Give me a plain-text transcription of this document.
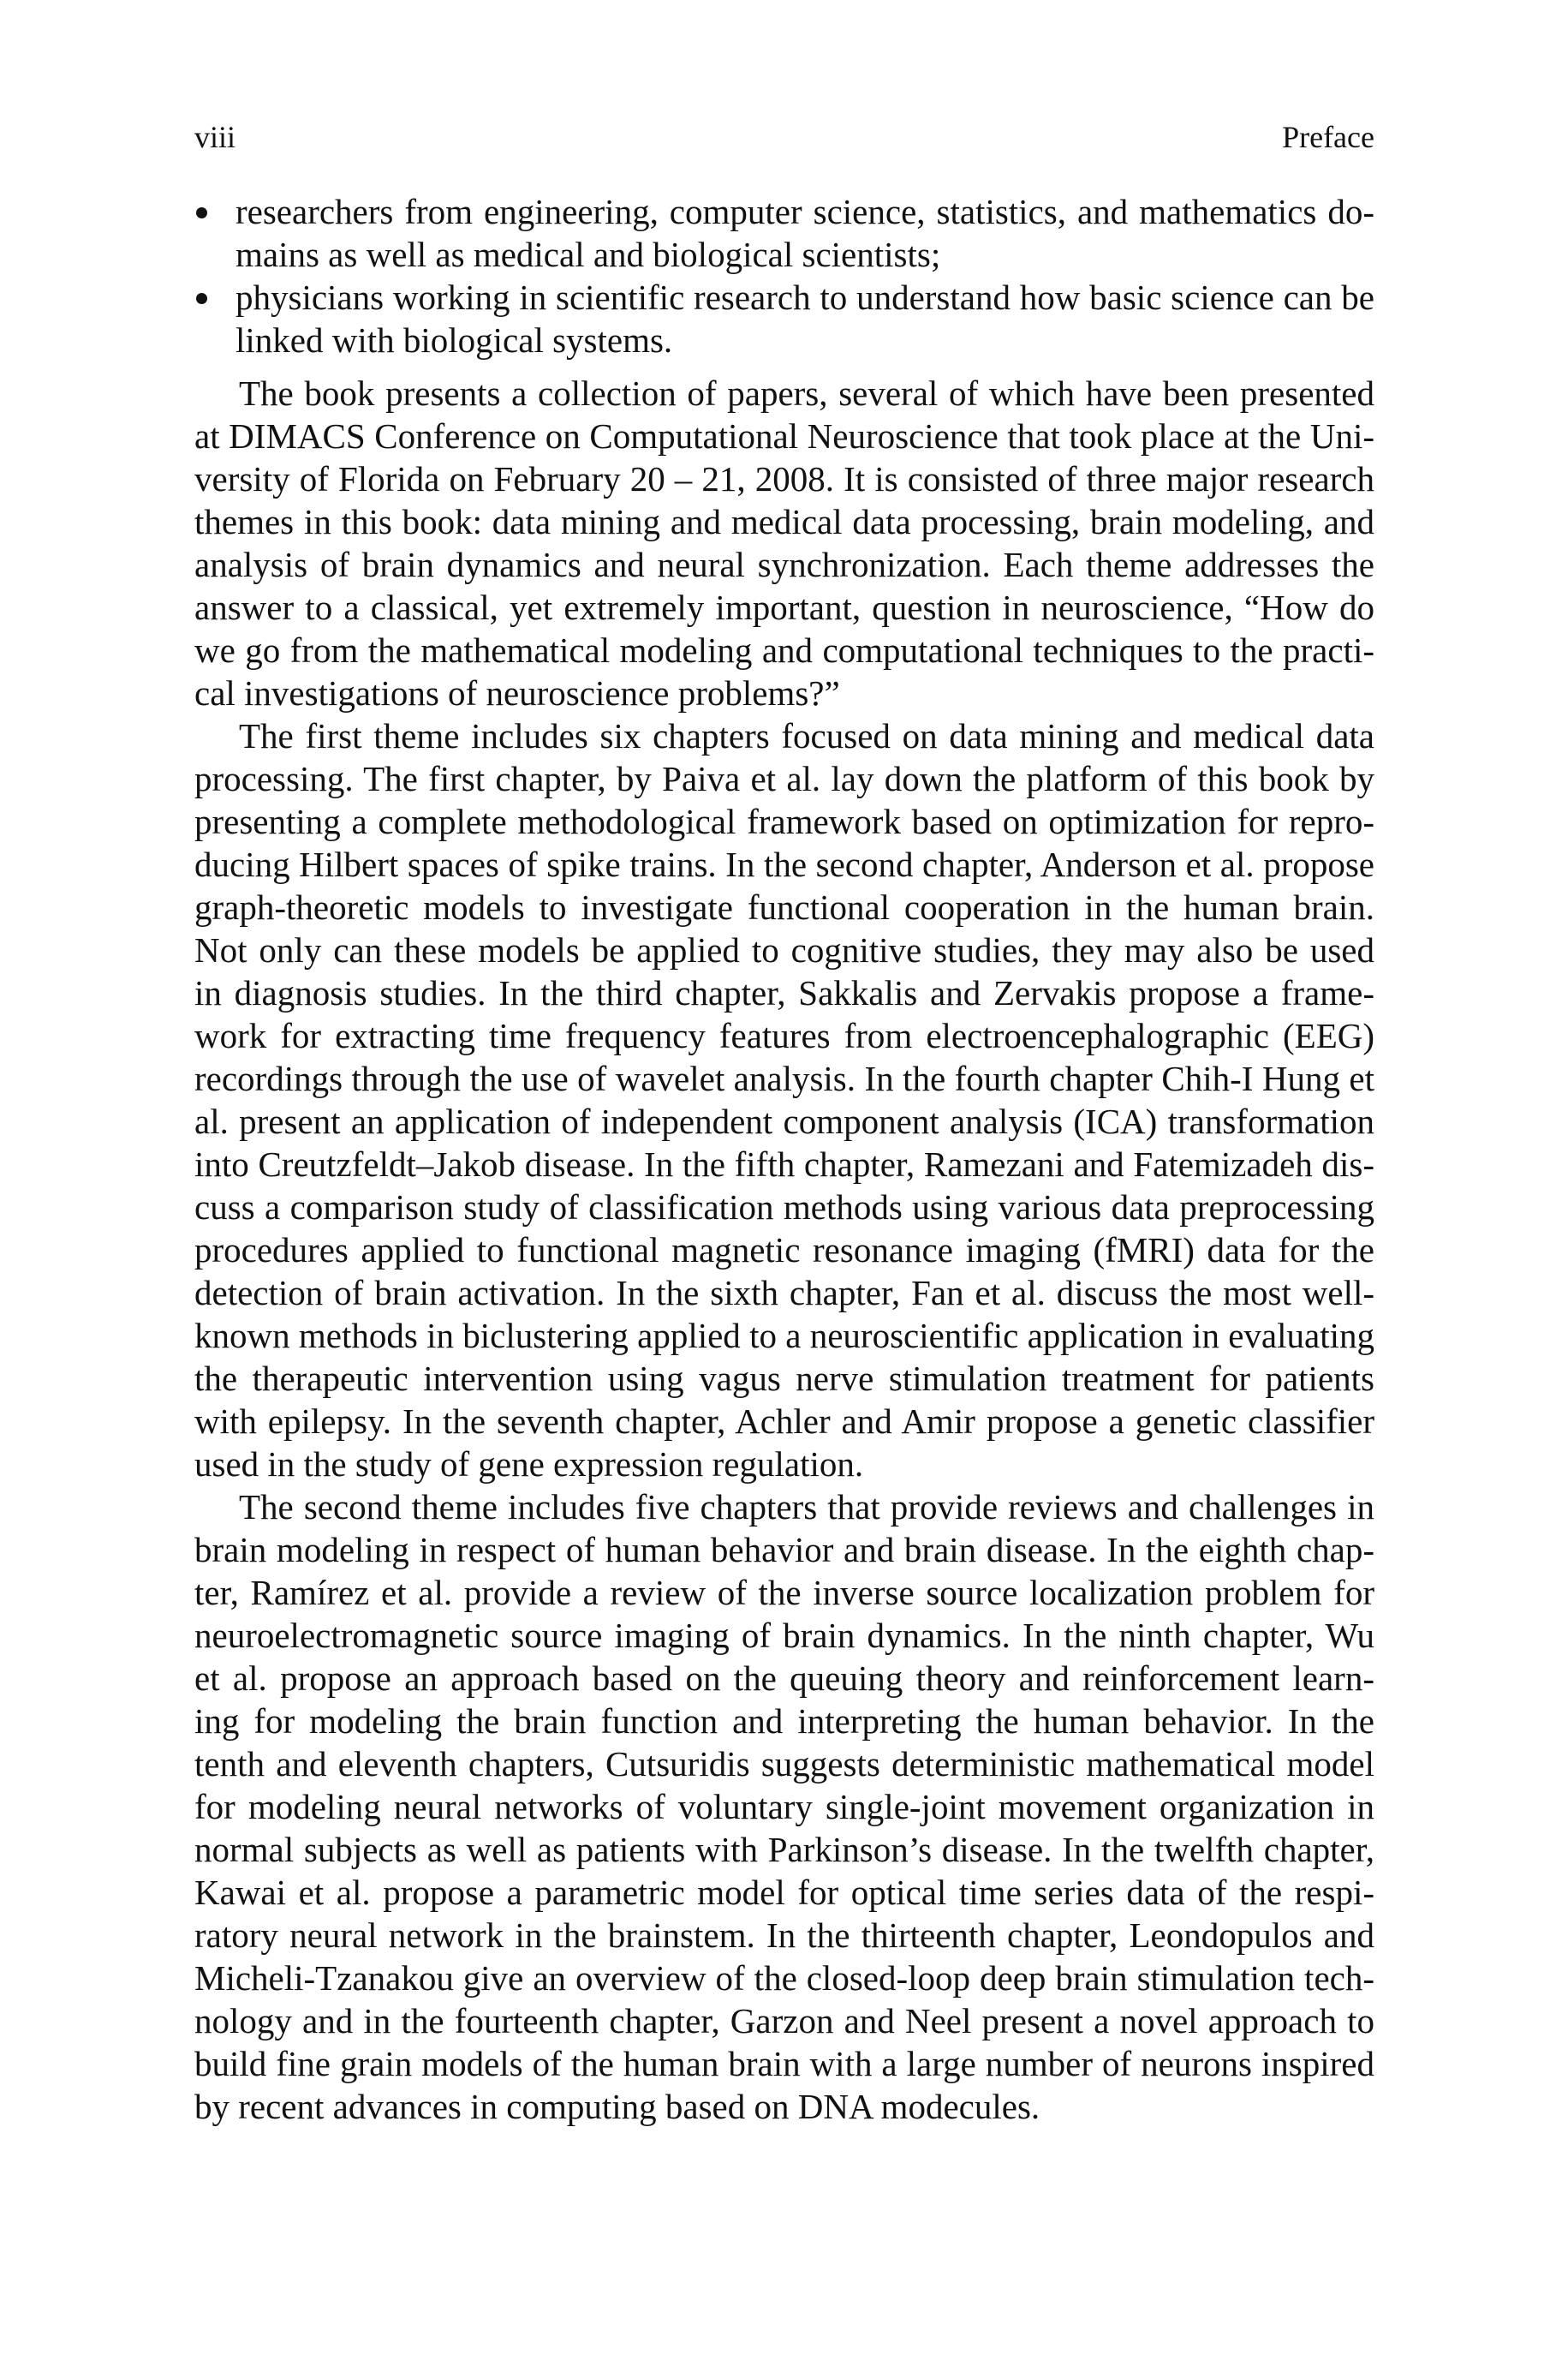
viii	Preface
researchers from engineering, computer science, statistics, and mathematics do-
mains as well as medical and biological scientists;
physicians working in scientific research to understand how basic science can be
linked with biological systems.
The book presents a collection of papers, several of which have been presented
at DIMACS Conference on Computational Neuroscience that took place at the Uni-
versity of Florida on February 20 – 21, 2008. It is consisted of three major research
themes in this book: data mining and medical data processing, brain modeling, and
analysis of brain dynamics and neural synchronization. Each theme addresses the
answer to a classical, yet extremely important, question in neuroscience, “How do
we go from the mathematical modeling and computational techniques to the practi-
cal investigations of neuroscience problems?”
The first theme includes six chapters focused on data mining and medical data
processing. The first chapter, by Paiva et al. lay down the platform of this book by
presenting a complete methodological framework based on optimization for repro-
ducing Hilbert spaces of spike trains. In the second chapter, Anderson et al. propose
graph-theoretic models to investigate functional cooperation in the human brain.
Not only can these models be applied to cognitive studies, they may also be used
in diagnosis studies. In the third chapter, Sakkalis and Zervakis propose a frame-
work for extracting time frequency features from electroencephalographic (EEG)
recordings through the use of wavelet analysis. In the fourth chapter Chih-I Hung et
al. present an application of independent component analysis (ICA) transformation
into Creutzfeldt–Jakob disease. In the fifth chapter, Ramezani and Fatemizadeh dis-
cuss a comparison study of classification methods using various data preprocessing
procedures applied to functional magnetic resonance imaging (fMRI) data for the
detection of brain activation. In the sixth chapter, Fan et al. discuss the most well-
known methods in biclustering applied to a neuroscientific application in evaluating
the therapeutic intervention using vagus nerve stimulation treatment for patients
with epilepsy. In the seventh chapter, Achler and Amir propose a genetic classifier
used in the study of gene expression regulation.
The second theme includes five chapters that provide reviews and challenges in
brain modeling in respect of human behavior and brain disease. In the eighth chap-
ter, Ramírez et al. provide a review of the inverse source localization problem for
neuroelectromagnetic source imaging of brain dynamics. In the ninth chapter, Wu
et al. propose an approach based on the queuing theory and reinforcement learn-
ing for modeling the brain function and interpreting the human behavior. In the
tenth and eleventh chapters, Cutsuridis suggests deterministic mathematical model
for modeling neural networks of voluntary single-joint movement organization in
normal subjects as well as patients with Parkinson’s disease. In the twelfth chapter,
Kawai et al. propose a parametric model for optical time series data of the respi-
ratory neural network in the brainstem. In the thirteenth chapter, Leondopulos and
Micheli-Tzanakou give an overview of the closed-loop deep brain stimulation tech-
nology and in the fourteenth chapter, Garzon and Neel present a novel approach to
build fine grain models of the human brain with a large number of neurons inspired
by recent advances in computing based on DNA modecules.
